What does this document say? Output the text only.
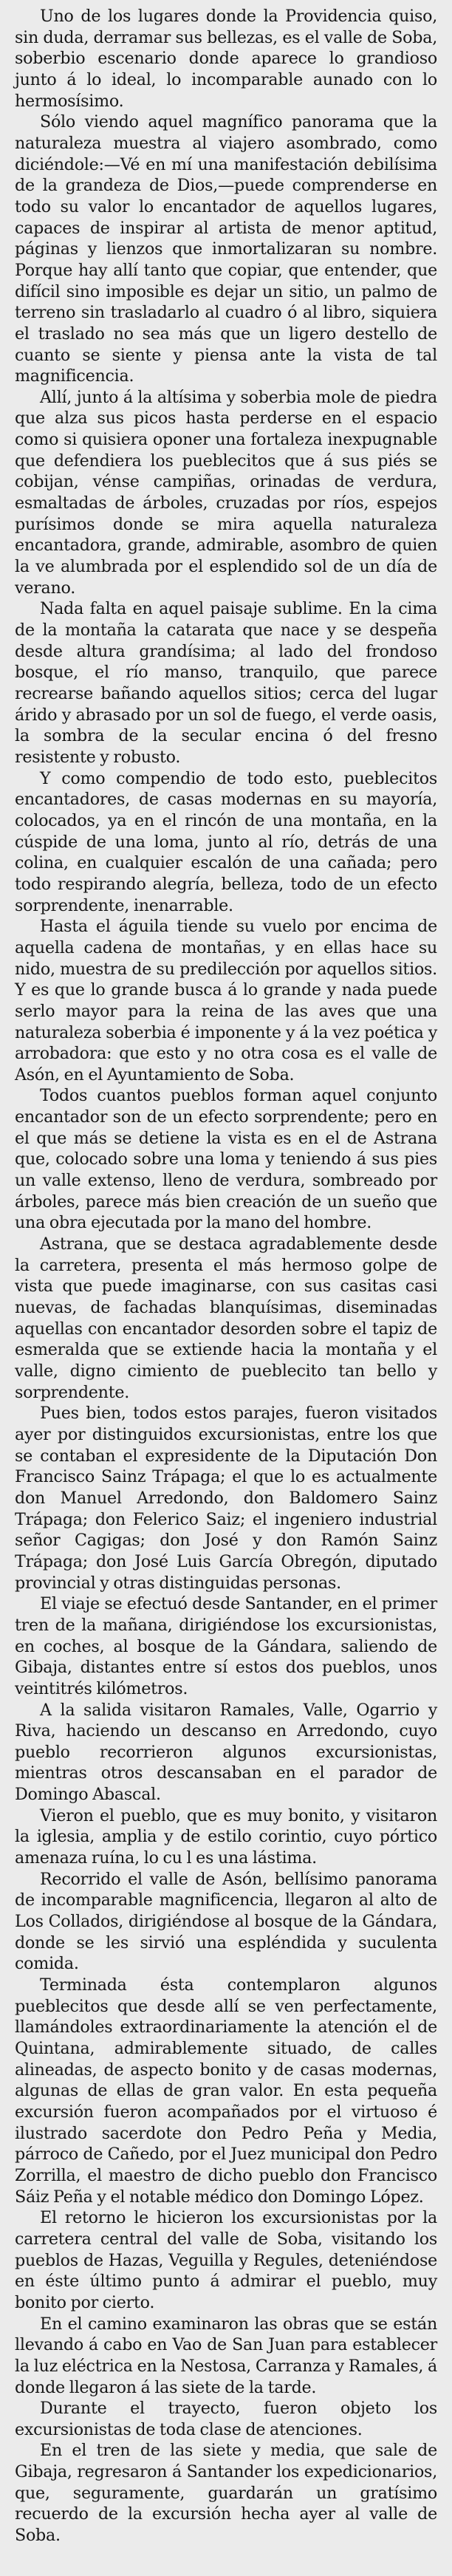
Uno de los lugares donde la Providencia quiso, sin duda, derramar sus bellezas, es el valle de Soba, soberbio escenario donde aparece lo grandioso junto á lo ideal, lo incomparable aunado con lo hermosísimo.

Sólo viendo aquel magnífico panorama que la naturaleza muestra al viajero asombrado, como diciéndole:—Vé en mí una manifestación debilísima de la grandeza de Dios,—puede comprenderse en todo su valor lo encantador de aquellos lugares, capaces de inspirar al artista de menor aptitud, páginas y lienzos que inmortalizaran su nombre. Porque hay allí tanto que copiar, que entender, que difícil sino imposible es dejar un sitio, un palmo de terreno sin trasladarlo al cuadro ó al libro, siquiera el traslado no sea más que un ligero destello de cuanto se siente y piensa ante la vista de tal magnificencia.

Allí, junto á la altísima y soberbia mole de piedra que alza sus picos hasta perderse en el espacio como si quisiera oponer una fortaleza inexpugnable que defendiera los pueblecitos que á sus piés se cobijan, vénse campiñas, orinadas de verdura, esmaltadas de árboles, cruzadas por ríos, espejos purísimos donde se mira aquella naturaleza encantadora, grande, admirable, asombro de quien la ve alumbrada por el esplendido sol de un día de verano.

Nada falta en aquel paisaje sublime. En la cima de la montaña la catarata que nace y se despeña desde altura grandísima; al lado del frondoso bosque, el río manso, tranquilo, que parece recrearse bañando aquellos sitios; cerca del lugar árido y abrasado por un sol de fuego, el verde oasis, la sombra de la secular encina ó del fresno resistente y robusto.

Y como compendio de todo esto, pueblecitos encantadores, de casas modernas en su mayoría, colocados, ya en el rincón de una montaña, en la cúspide de una loma, junto al río, detrás de una colina, en cualquier escalón de una cañada; pero todo respirando alegría, belleza, todo de un efecto sorprendente, inenarrable.

Hasta el águila tiende su vuelo por encima de aquella cadena de montañas, y en ellas hace su nido, muestra de su predilección por aquellos sitios. Y es que lo grande busca á lo grande y nada puede serlo mayor para la reina de las aves que una naturaleza soberbia é imponente y á la vez poética y arrobadora: que esto y no otra cosa es el valle de Asón, en el Ayuntamiento de Soba.

Todos cuantos pueblos forman aquel conjunto encantador son de un efecto sorprendente; pero en el que más se detiene la vista es en el de Astrana que, colocado sobre una loma y teniendo á sus pies un valle extenso, lleno de verdura, sombreado por árboles, parece más bien creación de un sueño que una obra ejecutada por la mano del hombre.

Astrana, que se destaca agradablemente desde la carretera, presenta el más hermoso golpe de vista que puede imaginarse, con sus casitas casi nuevas, de fachadas blanquísimas, diseminadas aquellas con encantador desorden sobre el tapiz de esmeralda que se extiende hacia la montaña y el valle, digno cimiento de pueblecito tan bello y sorprendente.

Pues bien, todos estos parajes, fueron visitados ayer por distinguidos excursionistas, entre los que se contaban el expresidente de la Diputación Don Francisco Sainz Trápaga; el que lo es actualmente don Manuel Arredondo, don Baldomero Sainz Trápaga; don Felerico Saiz; el ingeniero industrial señor Cagigas; don José y don Ramón Sainz Trápaga; don José Luis García Obregón, diputado provincial y otras distinguidas personas.

El viaje se efectuó desde Santander, en el primer tren de la mañana, dirigiéndose los excursionistas, en coches, al bosque de la Gándara, saliendo de Gibaja, distantes entre sí estos dos pueblos, unos veintitrés kilómetros.

A la salida visitaron Ramales, Valle, Ogarrio y Riva, haciendo un descanso en Arredondo, cuyo pueblo recorrieron algunos excursionistas, mientras otros descansaban en el parador de Domingo Abascal.

Vieron el pueblo, que es muy bonito, y visitaron la iglesia, amplia y de estilo corintio, cuyo pórtico amenaza ruína, lo cu l es una lástima.

Recorrido el valle de Asón, bellísimo panorama de incomparable magnificencia, llegaron al alto de Los Collados, dirigiéndose al bosque de la Gándara, donde se les sirvió una espléndida y suculenta comida.

Terminada ésta contemplaron algunos pueblecitos que desde allí se ven perfectamente, llamándoles extraordinariamente la atención el de Quintana, admirablemente situado, de calles alineadas, de aspecto bonito y de casas modernas, algunas de ellas de gran valor. En esta pequeña excursión fueron acompañados por el virtuoso é ilustrado sacerdote don Pedro Peña y Media, párroco de Cañedo, por el Juez municipal don Pedro Zorrilla, el maestro de dicho pueblo don Francisco Sáiz Peña y el notable médico don Domingo López.

El retorno le hicieron los excursionistas por la carretera central del valle de Soba, visitando los pueblos de Hazas, Veguilla y Regules, deteniéndose en éste último punto á admirar el pueblo, muy bonito por cierto.

En el camino examinaron las obras que se están llevando á cabo en Vao de San Juan para establecer la luz eléctrica en la Nestosa, Carranza y Ramales, á donde llegaron á las siete de la tarde.

Durante el trayecto, fueron objeto los excursionistas de toda clase de atenciones.

En el tren de las siete y media, que sale de Gibaja, regresaron á Santander los expedicionarios, que, seguramente, guardarán un gratísimo recuerdo de la excursión hecha ayer al valle de Soba.
